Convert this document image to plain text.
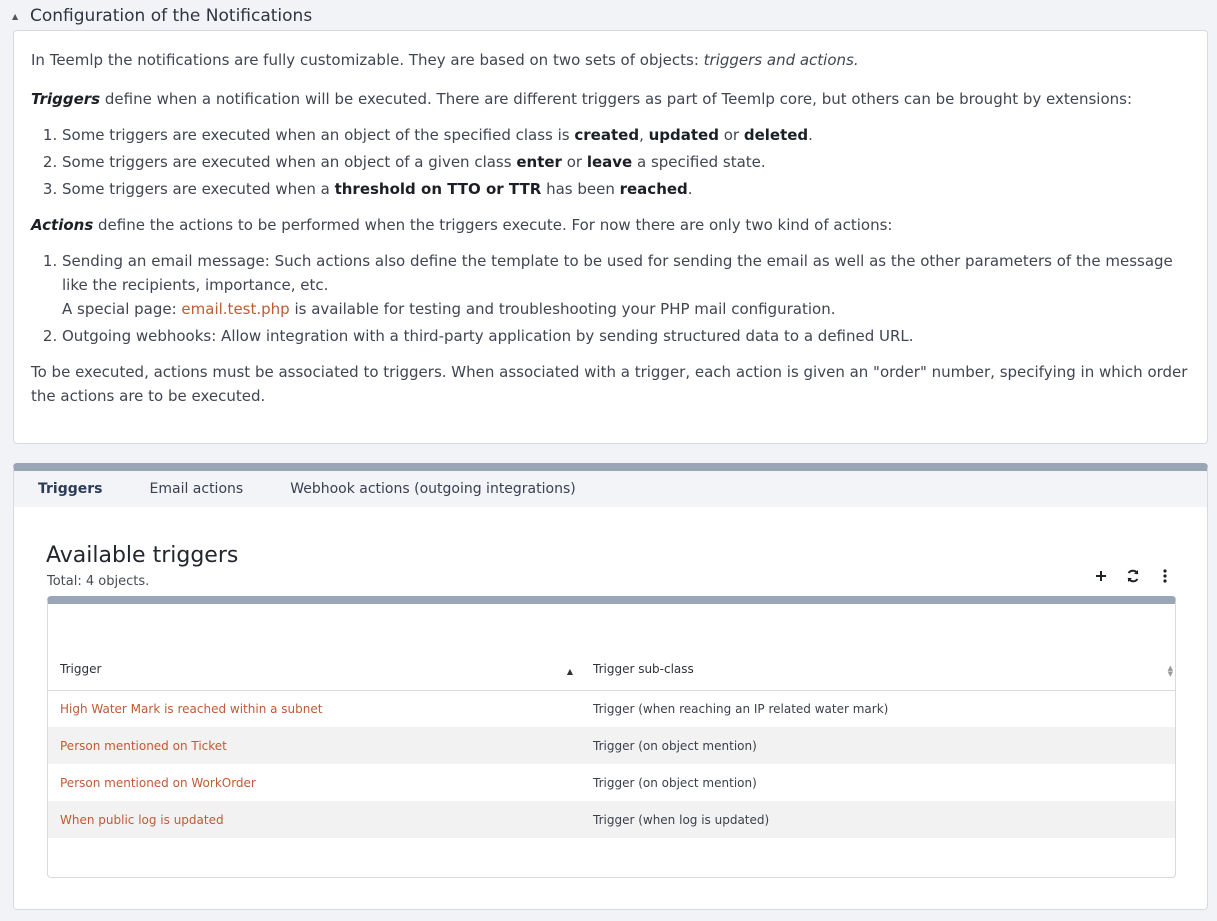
▲ Configuration of the Notifications

In Teemlp the notifications are fully customizable. They are based on two sets of objects: triggers and actions.

Triggers define when a notification will be executed. There are different triggers as part of Teemlp core, but others can be brought by extensions:

1. Some triggers are executed when an object of the specified class is created, updated or deleted.
2. Some triggers are executed when an object of a given class enter or leave a specified state.
3. Some triggers are executed when a threshold on TTO or TTR has been reached.

Actions define the actions to be performed when the triggers execute. For now there are only two kind of actions:

1. Sending an email message: Such actions also define the template to be used for sending the email as well as the other parameters of the message like the recipients, importance, etc.
A special page: email.test.php is available for testing and troubleshooting your PHP mail configuration.
2. Outgoing webhooks: Allow integration with a third-party application by sending structured data to a defined URL.

To be executed, actions must be associated to triggers. When associated with a trigger, each action is given an "order" number, specifying in which order the actions are to be executed.

Triggers	Email actions	Webhook actions (outgoing integrations)
Available triggers
Total: 4 objects.
Trigger ▲	Trigger sub-class ▲
▼

High Water Mark is reached within a subnet	Trigger (when reaching an IP related water mark)
Person mentioned on Ticket	Trigger (on object mention)
Person mentioned on WorkOrder	Trigger (on object mention)
When public log is updated	Trigger (when log is updated)
